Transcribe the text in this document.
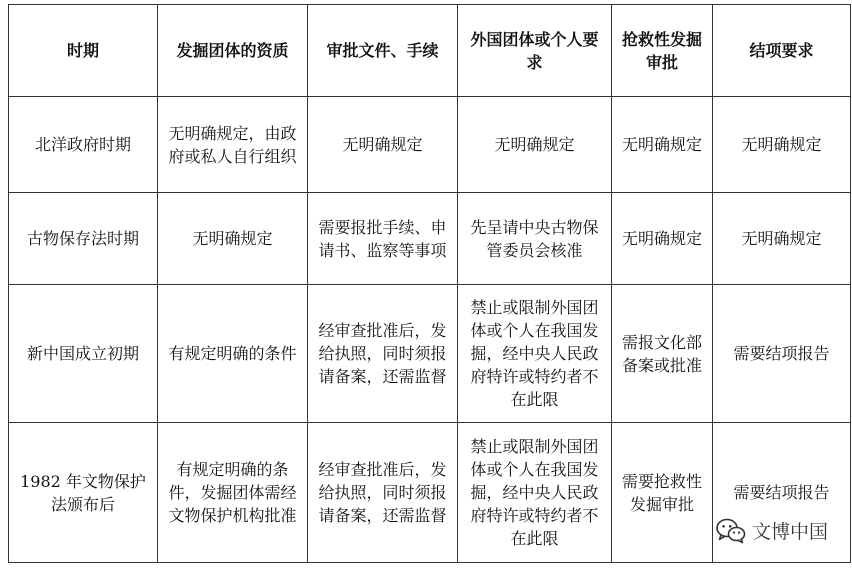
时期	发掘团体的资质	审批文件、手续	外国团体或个人要求	抢救性发掘审批	结项要求
北洋政府时期	无明确规定，由政府或私人自行组织	无明确规定	无明确规定	无明确规定	无明确规定
古物保存法时期	无明确规定	需要报批手续、申请书、监察等事项	先呈请中央古物保管委员会核准	无明确规定	无明确规定
新中国成立初期	有规定明确的条件	经审查批准后，发给执照，同时须报请备案，还需监督	禁止或限制外国团体或个人在我国发掘，经中央人民政府特许或特约者不在此限	需报文化部备案或批准	需要结项报告
1982 年文物保护法颁布后	有规定明确的条件，发掘团体需经文物保护机构批准	经审查批准后，发给执照，同时须报请备案，还需监督	禁止或限制外国团体或个人在我国发掘，经中央人民政府特许或特约者不在此限	需要抢救性发掘审批	需要结项报告
文博中国
